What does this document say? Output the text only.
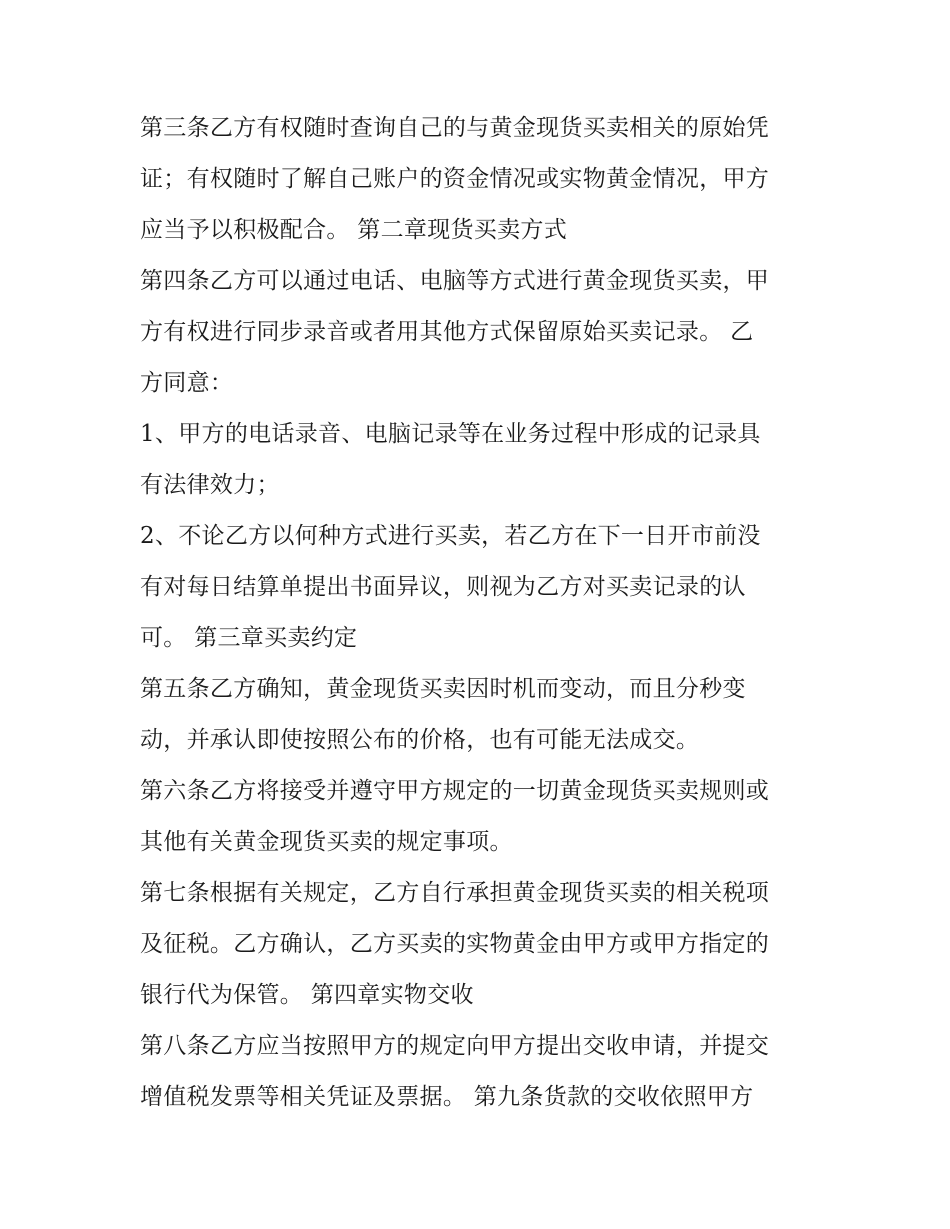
第三条乙方有权随时查询自己的与黄金现货买卖相关的原始凭
证；有权随时了解自己账户的资金情况或实物黄金情况，甲方
应当予以积极配合。 第二章现货买卖方式
第四条乙方可以通过电话、电脑等方式进行黄金现货买卖，甲
方有权进行同步录音或者用其他方式保留原始买卖记录。 乙
方同意：
1、甲方的电话录音、电脑记录等在业务过程中形成的记录具
有法律效力；
2、不论乙方以何种方式进行买卖，若乙方在下一日开市前没
有对每日结算单提出书面异议，则视为乙方对买卖记录的认
可。 第三章买卖约定
第五条乙方确知，黄金现货买卖因时机而变动，而且分秒变
动，并承认即使按照公布的价格，也有可能无法成交。
第六条乙方将接受并遵守甲方规定的一切黄金现货买卖规则或
其他有关黄金现货买卖的规定事项。
第七条根据有关规定，乙方自行承担黄金现货买卖的相关税项
及征税。乙方确认，乙方买卖的实物黄金由甲方或甲方指定的
银行代为保管。 第四章实物交收
第八条乙方应当按照甲方的规定向甲方提出交收申请，并提交
增值税发票等相关凭证及票据。 第九条货款的交收依照甲方
